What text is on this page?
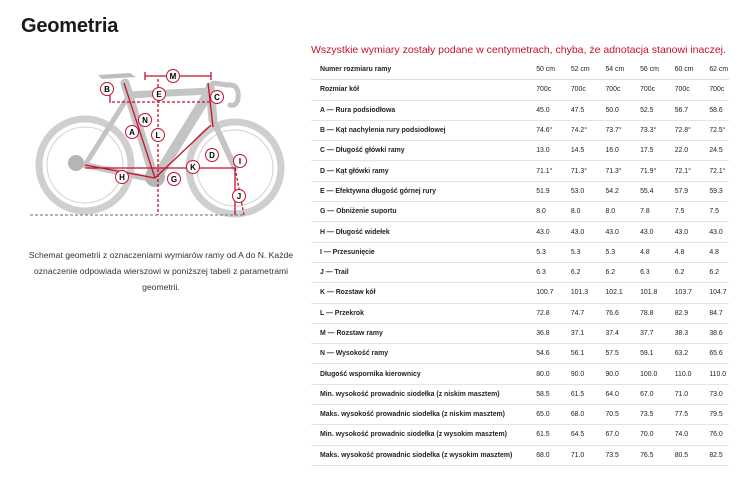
Geometria
M
B
E	C
N
A	L
D
I
K
H	G
J
Schemat geometrii z oznaczeniami wymiarów ramy od A do N. Każde oznaczenie odpowiada wierszowi w poniższej tabeli z parametrami geometrii.
Wszystkie wymiary zostały podane w centymetrach, chyba, że adnotacja stanowi inaczej.
Numer rozmiaru ramy	50 cm	52 cm	54 cm	56 cm	60 cm	62 cm
Rozmiar kół	700c	700c	700c	700c	700c	700c
A — Rura podsiodłowa	45.0	47.5	50.0	52.5	56.7	58.6
B — Kąt nachylenia rury podsiodłowej	74.6°	74.2°	73.7°	73.3°	72.8°	72.5°
C — Długość główki ramy	13.0	14.5	16.0	17.5	22.0	24.5
D — Kąt główki ramy	71.1°	71.3°	71.3°	71.9°	72.1°	72.1°
E — Efektywna długość górnej rury	51.9	53.0	54.2	55.4	57.9	59.3
G — Obniżenie suportu	8.0	8.0	8.0	7.8	7.5	7.5
H — Długość widełek	43.0	43.0	43.0	43.0	43.0	43.0
I — Przesunięcie	5.3	5.3	5.3	4.8	4.8	4.8
J — Trail	6.3	6.2	6.2	6.3	6.2	6.2
K — Rozstaw kół	100.7	101.3	102.1	101.8	103.7	104.7
L — Przekrok	72.8	74.7	76.6	78.8	82.9	84.7
M — Rozstaw ramy	36.8	37.1	37.4	37.7	38.3	38.6
N — Wysokość ramy	54.6	56.1	57.5	59.1	63.2	65.6
Długość wspornika kierownicy	80.0	90.0	90.0	100.0	110.0	110.0
Min. wysokość prowadnic siodełka (z niskim masztem)	58.5	61.5	64.0	67.0	71.0	73.0
Maks. wysokość prowadnic siodełka (z niskim masztem)	65.0	68.0	70.5	73.5	77.5	79.5
Min. wysokość prowadnic siodełka (z wysokim masztem)	61.5	64.5	67.0	70.0	74.0	76.0
Maks. wysokość prowadnic siodełka (z wysokim masztem)	68.0	71.0	73.5	76.5	80.5	82.5
